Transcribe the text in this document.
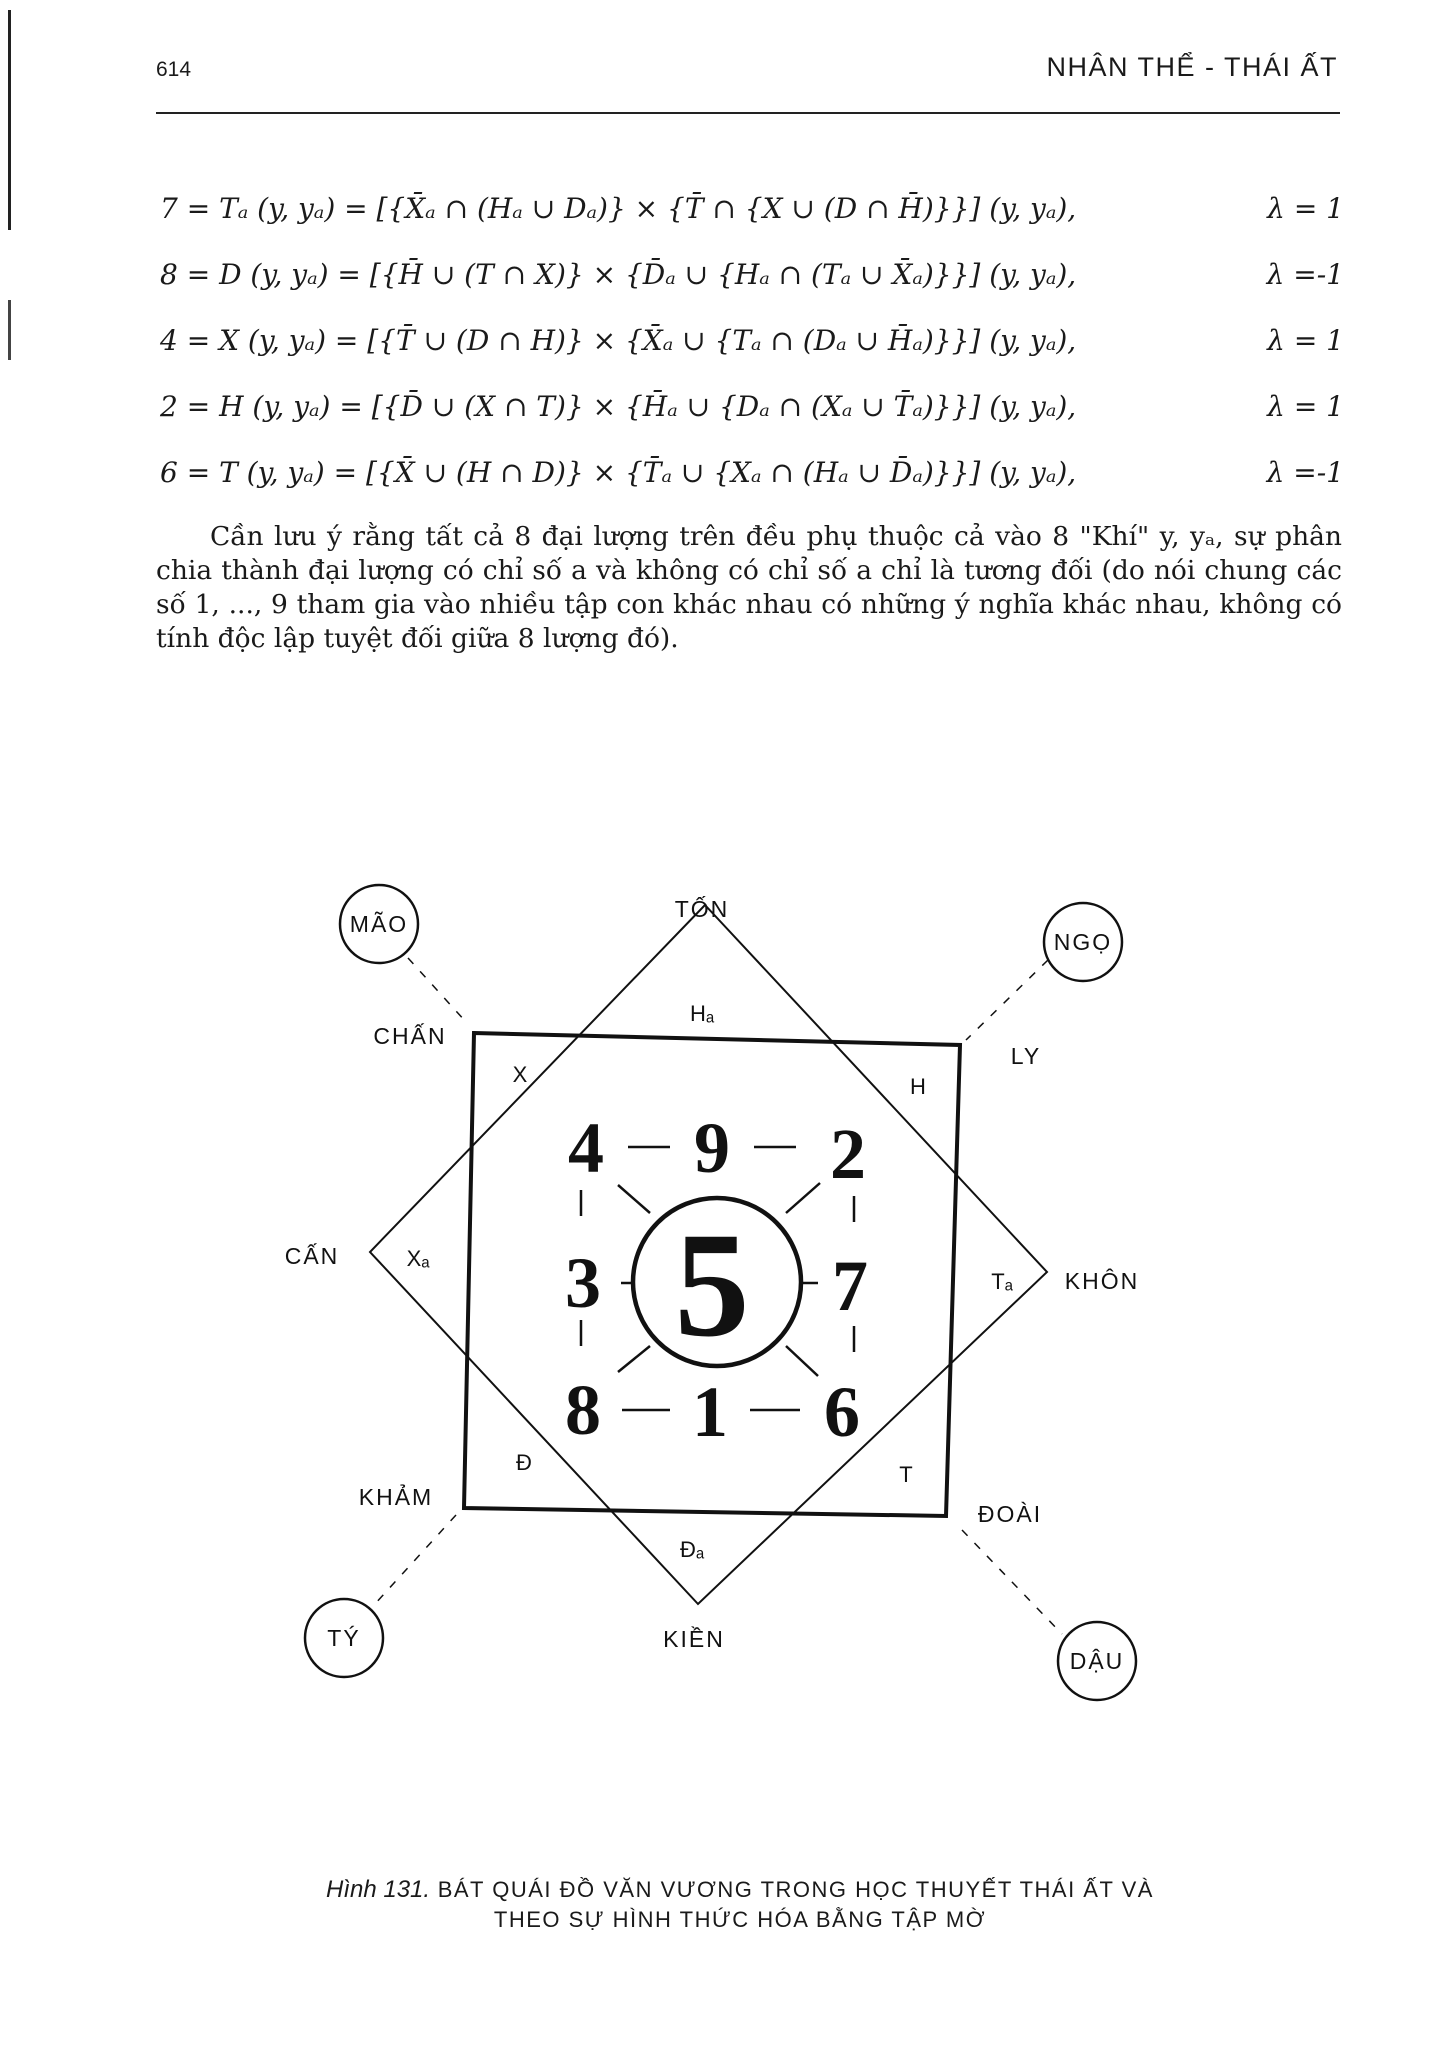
614	NHÂN THỂ - THÁI ẤT
7 = Tₐ (y, yₐ) = [{X̄ₐ ∩ (Hₐ ∪ Dₐ)} × {T̄ ∩ {X ∪ (D ∩ H̄)}}] (y, yₐ),	λ = 1
8 = D (y, yₐ) = [{H̄ ∪ (T ∩ X)} × {D̄ₐ ∪ {Hₐ ∩ (Tₐ ∪ X̄ₐ)}}] (y, yₐ),	λ =-1
4 = X (y, yₐ) = [{T̄ ∪ (D ∩ H)} × {X̄ₐ ∪ {Tₐ ∩ (Dₐ ∪ H̄ₐ)}}] (y, yₐ),	λ = 1
2 = H (y, yₐ) = [{D̄ ∪ (X ∩ T)} × {H̄ₐ ∪ {Dₐ ∩ (Xₐ ∪ T̄ₐ)}}] (y, yₐ),	λ = 1
6 = T (y, yₐ) = [{X̄ ∪ (H ∩ D)} × {T̄ₐ ∪ {Xₐ ∩ (Hₐ ∪ D̄ₐ)}}] (y, yₐ),	λ =-1
Cần lưu ý rằng tất cả 8 đại lượng trên đều phụ thuộc cả vào 8 "Khí" y, yₐ, sự phân chia thành đại lượng có chỉ số a và không có chỉ số a chỉ là tương đối (do nói chung các số 1, ..., 9 tham gia vào nhiều tập con khác nhau có những ý nghĩa khác nhau, không có tính độc lập tuyệt đối giữa 8 lượng đó).
MÃO
NGỌ
TÝ
DẬU
TỐN
CHẤN
LY
CẤN
KHÔN
KHẢM
ĐOÀI
KIỀN
Hₐ
X	H
Xₐ
Tₐ
Đ	T
Đₐ
4 9 2
3 5 7
8 1 6
Hình 131. BÁT QUÁI ĐỒ VĂN VƯƠNG TRONG HỌC THUYẾT THÁI ẤT VÀ
THEO SỰ HÌNH THỨC HÓA BẰNG TẬP MỜ
